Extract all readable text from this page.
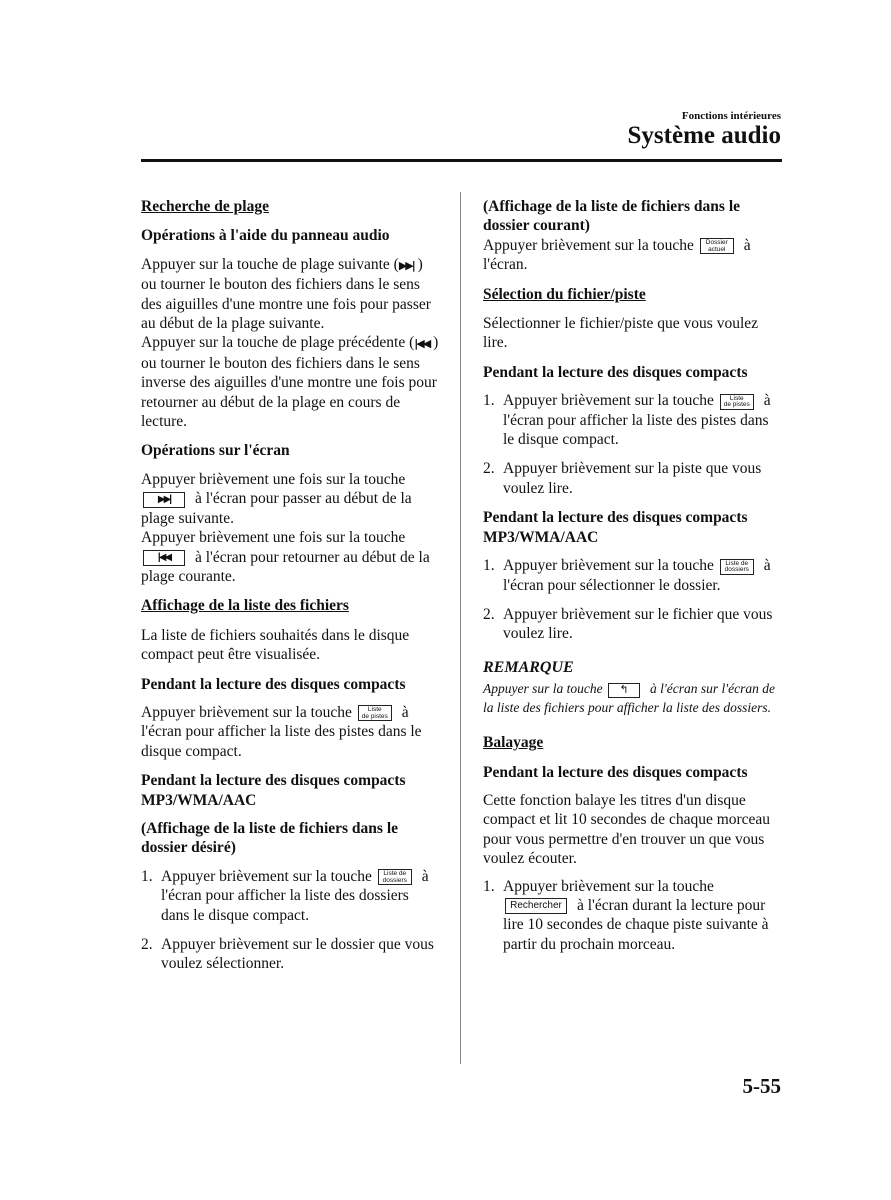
Fonctions intérieures
Système audio
Recherche de plage
Opérations à l'aide du panneau audio

Appuyer sur la touche de plage suivante (▶▶| ) ou tourner le bouton des fichiers dans le sens des aiguilles d'une montre une fois pour passer au début de la plage suivante.

Appuyer sur la touche de plage précédente (|◀◀ ) ou tourner le bouton des fichiers dans le sens inverse des aiguilles d'une montre une fois pour retourner au début de la plage en cours de lecture.

Opérations sur l'écran

Appuyer brièvement une fois sur la touche ▶▶| à l'écran pour passer au début de la plage suivante.

Appuyer brièvement une fois sur la touche |◀◀ à l'écran pour retourner au début de la plage courante.

Affichage de la liste des fichiers

La liste de fichiers souhaités dans le disque compact peut être visualisée.

Pendant la lecture des disques compacts

Appuyer brièvement sur la touche Liste
de pistes à l'écran pour afficher la liste des pistes dans le disque compact.

Pendant la lecture des disques compacts MP3/WMA/AAC
(Affichage de la liste de fichiers dans le dossier désiré)
1. Appuyer brièvement sur la touche Liste de
dossiers à l'écran pour afficher la liste des dossiers dans le disque compact.
2. Appuyer brièvement sur le dossier que vous voulez sélectionner.
(Affichage de la liste de fichiers dans le dossier courant)

Appuyer brièvement sur la touche Dossier
actuel à l'écran.

Sélection du fichier/piste

Sélectionner le fichier/piste que vous voulez lire.

Pendant la lecture des disques compacts
1. Appuyer brièvement sur la touche Liste
de pistes à l'écran pour afficher la liste des pistes dans le disque compact.
2. Appuyer brièvement sur la piste que vous voulez lire.
Pendant la lecture des disques compacts MP3/WMA/AAC
1. Appuyer brièvement sur la touche Liste de
dossiers à l'écran pour sélectionner le dossier.
2. Appuyer brièvement sur le fichier que vous voulez lire.
REMARQUE

Appuyer sur la touche ↰ à l'écran sur l'écran de la liste des fichiers pour afficher la liste des dossiers.

Balayage
Pendant la lecture des disques compacts

Cette fonction balaye les titres d'un disque compact et lit 10 secondes de chaque morceau pour vous permettre d'en trouver un que vous voulez écouter.

1. Appuyer brièvement sur la touche
Rechercher à l'écran durant la lecture pour lire 10 secondes de chaque piste suivante à partir du prochain morceau.
5-55
